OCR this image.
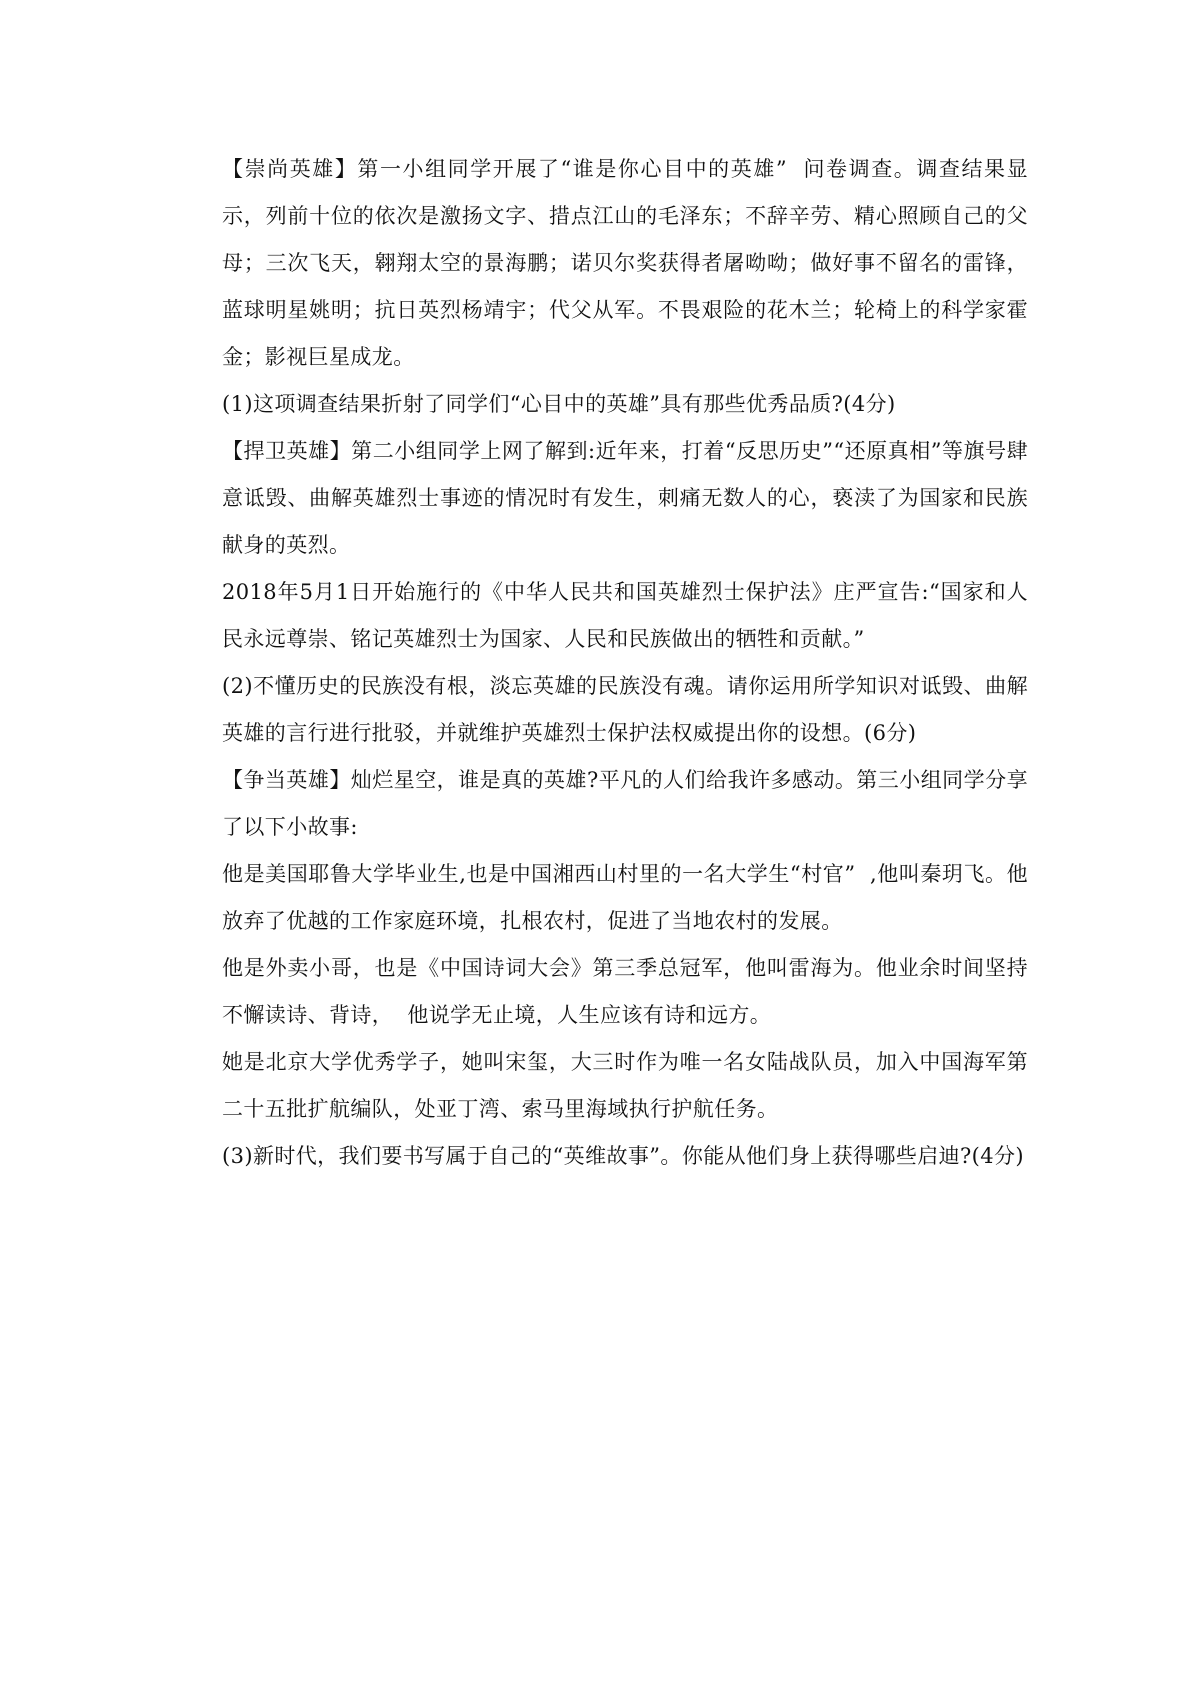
【崇尚英雄】第一小组同学开展了“谁是你心目中的英雄”  问卷调查。调查结果显示，列前十位的依次是激扬文字、措点江山的毛泽东；不辞辛劳、精心照顾自己的父母；三次飞天，翱翔太空的景海鹏；诺贝尔奖获得者屠呦呦；做好事不留名的雷锋，蓝球明星姚明；抗日英烈杨靖宇；代父从军。不畏艰险的花木兰；轮椅上的科学家霍金；影视巨星成龙。

(1)这项调查结果折射了同学们“心目中的英雄”具有那些优秀品质?(4分)

【捍卫英雄】第二小组同学上网了解到:近年来，打着“反思历史”“还原真相”等旗号肆意诋毁、曲解英雄烈士事迹的情况时有发生，刺痛无数人的心，亵渎了为国家和民族献身的英烈。

2018年5月1日开始施行的《中华人民共和国英雄烈士保护法》庄严宣告:“国家和人民永远尊崇、铭记英雄烈士为国家、人民和民族做出的牺牲和贡献。”

(2)不懂历史的民族没有根，淡忘英雄的民族没有魂。请你运用所学知识对诋毁、曲解英雄的言行进行批驳，并就维护英雄烈士保护法权威提出你的设想。(6分)

【争当英雄】灿烂星空，谁是真的英雄?平凡的人们给我许多感动。第三小组同学分享了以下小故事:

他是美国耶鲁大学毕业生,也是中国湘西山村里的一名大学生“村官”  ,他叫秦玥飞。他放弃了优越的工作家庭环境，扎根农村，促进了当地农村的发展。

他是外卖小哥，也是《中国诗词大会》第三季总冠军，他叫雷海为。他业余时间坚持不懈读诗、背诗，  他说学无止境，人生应该有诗和远方。

她是北京大学优秀学子，她叫宋玺，大三时作为唯一名女陆战队员，加入中国海军第二十五批扩航编队，处亚丁湾、索马里海域执行护航任务。

(3)新时代，我们要书写属于自己的“英维故事”。你能从他们身上获得哪些启迪?(4分)
